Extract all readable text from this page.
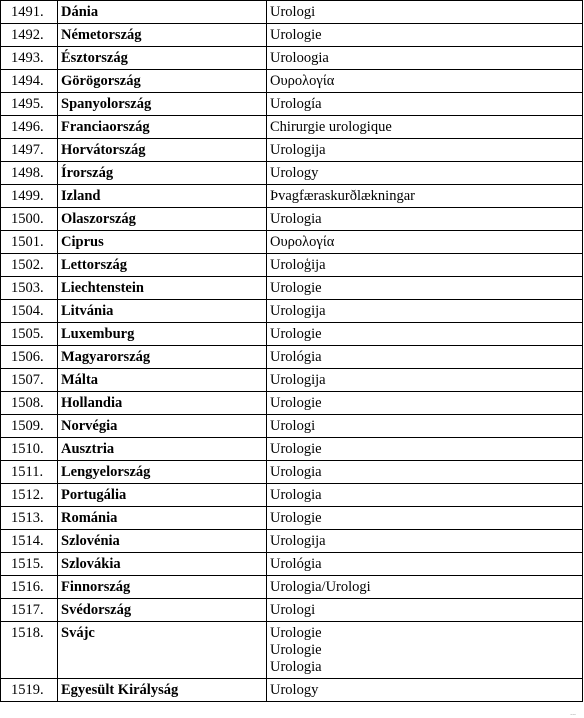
1491.	Dánia	Urologi

1492.	Németország	Urologie

1493.	Észtország	Uroloogia

1494.	Görögország	Ουρολογία

1495.	Spanyolország	Urología

1496.	Franciaország	Chirurgie urologique

1497.	Horvátország	Urologija

1498.	Írország	Urology

1499.	Izland	Þvagfæraskurðlækningar

1500.	Olaszország	Urologia

1501.	Ciprus	Ουρολογία

1502.	Lettország	Uroloģija

1503.	Liechtenstein	Urologie

1504.	Litvánia	Urologija

1505.	Luxemburg	Urologie

1506.	Magyarország	Urológia

1507.	Málta	Urologija

1508.	Hollandia	Urologie

1509.	Norvégia	Urologi

1510.	Ausztria	Urologie

1511.	Lengyelország	Urologia

1512.	Portugália	Urologia

1513.	Románia	Urologie

1514.	Szlovénia	Urologija

1515.	Szlovákia	Urológia

1516.	Finnország	Urologia/Urologi

1517.	Svédország	Urologi

1518.	Svájc	Urologie
Urologie
Urologia

1519.	Egyesült Királyság	Urology
...
